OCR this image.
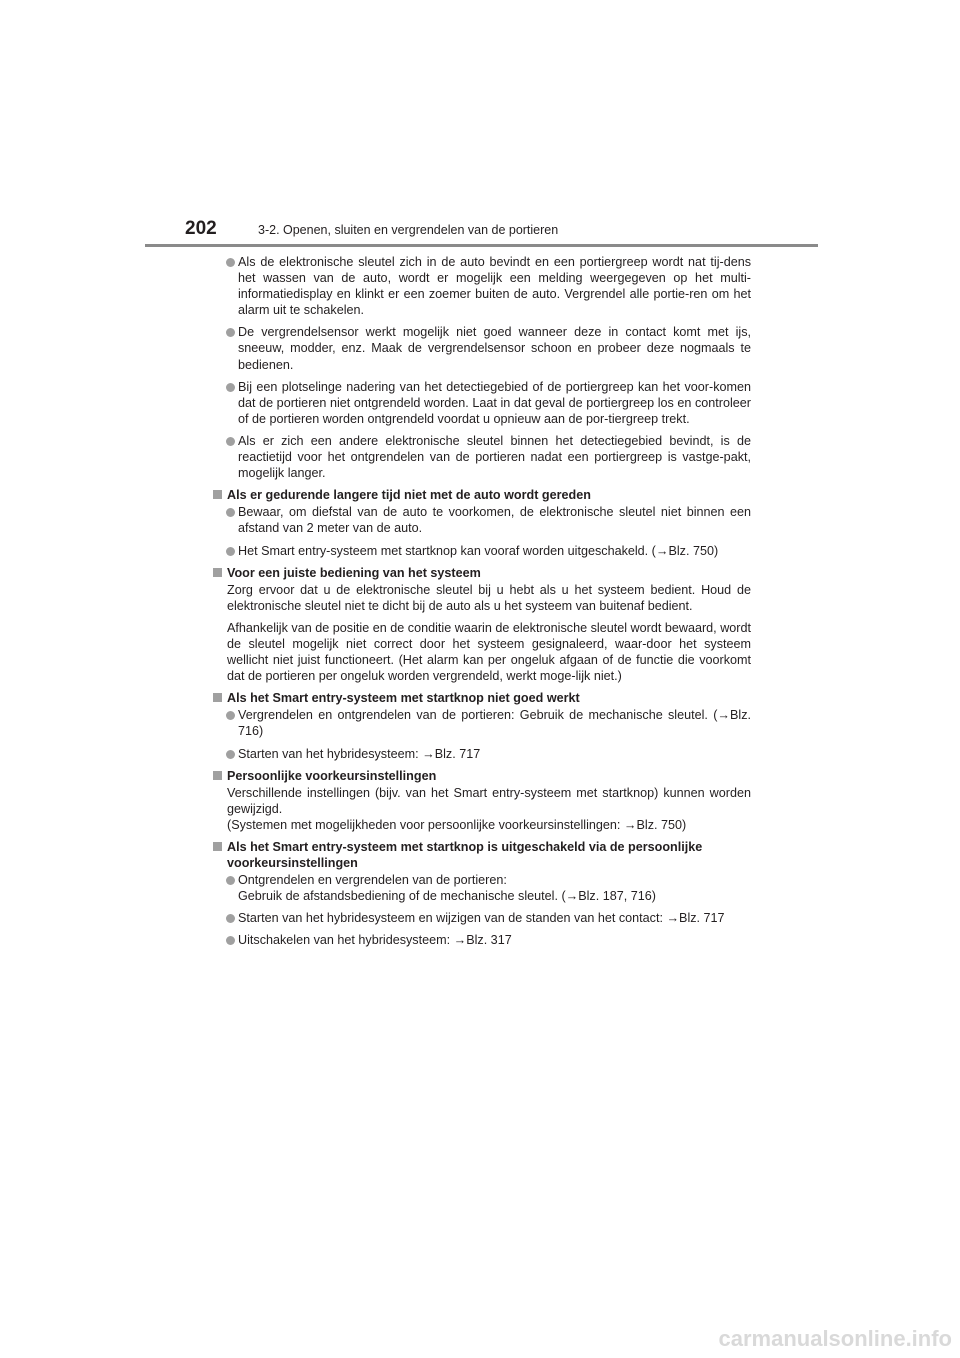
202	3-2. Openen, sluiten en vergrendelen van de portieren
Als de elektronische sleutel zich in de auto bevindt en een portiergreep wordt nat tij-dens het wassen van de auto, wordt er mogelijk een melding weergegeven op het multi-informatiedisplay en klinkt er een zoemer buiten de auto. Vergrendel alle portie-ren om het alarm uit te schakelen.
De vergrendelsensor werkt mogelijk niet goed wanneer deze in contact komt met ijs, sneeuw, modder, enz. Maak de vergrendelsensor schoon en probeer deze nogmaals te bedienen.
Bij een plotselinge nadering van het detectiegebied of de portiergreep kan het voor-komen dat de portieren niet ontgrendeld worden. Laat in dat geval de portiergreep los en controleer of de portieren worden ontgrendeld voordat u opnieuw aan de por-tiergreep trekt.
Als er zich een andere elektronische sleutel binnen het detectiegebied bevindt, is de reactietijd voor het ontgrendelen van de portieren nadat een portiergreep is vastge-pakt, mogelijk langer.
Als er gedurende langere tijd niet met de auto wordt gereden
Bewaar, om diefstal van de auto te voorkomen, de elektronische sleutel niet binnen een afstand van 2 meter van de auto.
Het Smart entry-systeem met startknop kan vooraf worden uitgeschakeld. (→Blz. 750)
Voor een juiste bediening van het systeem
Zorg ervoor dat u de elektronische sleutel bij u hebt als u het systeem bedient. Houd de elektronische sleutel niet te dicht bij de auto als u het systeem van buitenaf bedient.
Afhankelijk van de positie en de conditie waarin de elektronische sleutel wordt bewaard, wordt de sleutel mogelijk niet correct door het systeem gesignaleerd, waar-door het systeem wellicht niet juist functioneert. (Het alarm kan per ongeluk afgaan of de functie die voorkomt dat de portieren per ongeluk worden vergrendeld, werkt moge-lijk niet.)
Als het Smart entry-systeem met startknop niet goed werkt
Vergrendelen en ontgrendelen van de portieren: Gebruik de mechanische sleutel. (→Blz. 716)
Starten van het hybridesysteem: →Blz. 717
Persoonlijke voorkeursinstellingen
Verschillende instellingen (bijv. van het Smart entry-systeem met startknop) kunnen worden gewijzigd.
(Systemen met mogelijkheden voor persoonlijke voorkeursinstellingen: →Blz. 750)
Als het Smart entry-systeem met startknop is uitgeschakeld via de persoonlijke voorkeursinstellingen
Ontgrendelen en vergrendelen van de portieren:
Gebruik de afstandsbediening of de mechanische sleutel. (→Blz. 187, 716)
Starten van het hybridesysteem en wijzigen van de standen van het contact: →Blz. 717
Uitschakelen van het hybridesysteem: →Blz. 317
carmanualsonline.info
